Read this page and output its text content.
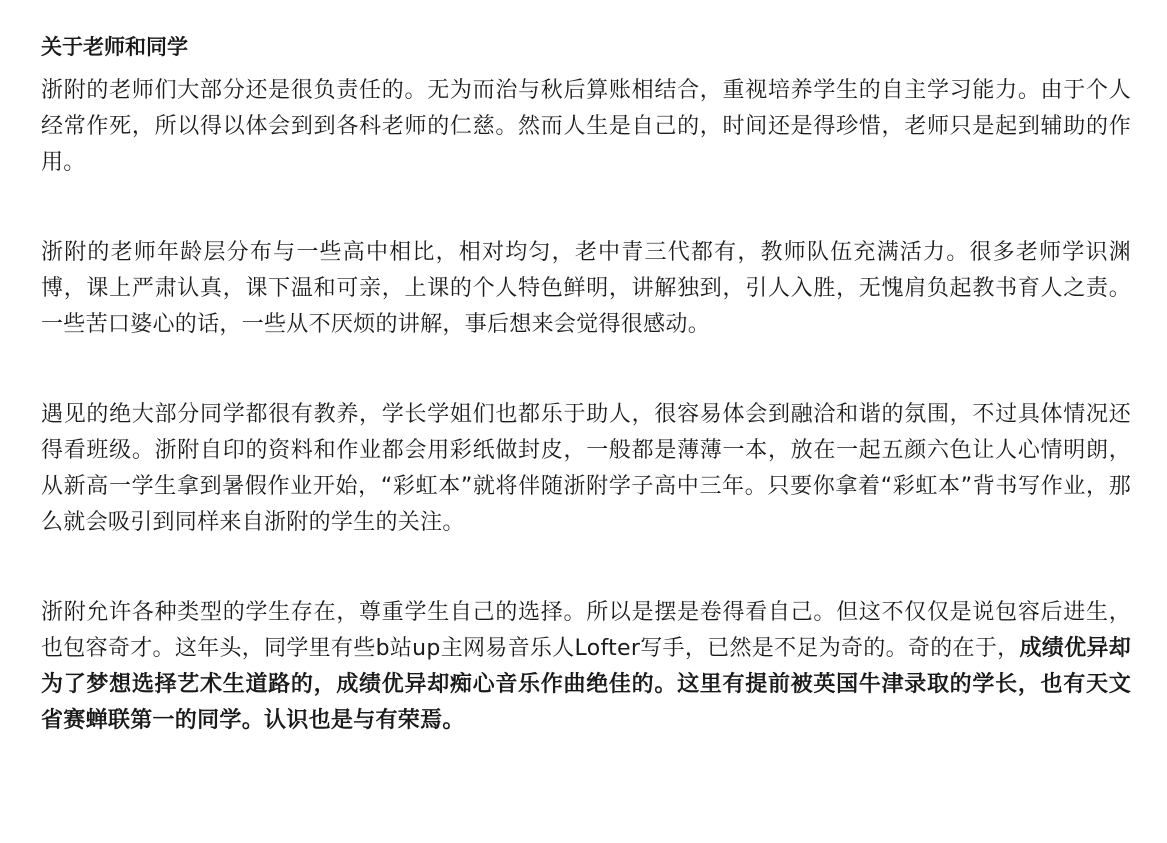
关于老师和同学

浙附的老师们大部分还是很负责任的。无为而治与秋后算账相结合，重视培养学生的自主学习能力。由于个人经常作死，所以得以体会到到各科老师的仁慈。然而人生是自己的，时间还是得珍惜，老师只是起到辅助的作用。

浙附的老师年龄层分布与一些高中相比，相对均匀，老中青三代都有，教师队伍充满活力。很多老师学识渊博，课上严肃认真，课下温和可亲，上课的个人特色鲜明，讲解独到，引人入胜，无愧肩负起教书育人之责。一些苦口婆心的话，一些从不厌烦的讲解，事后想来会觉得很感动。

遇见的绝大部分同学都很有教养，学长学姐们也都乐于助人，很容易体会到融洽和谐的氛围，不过具体情况还得看班级。浙附自印的资料和作业都会用彩纸做封皮，一般都是薄薄一本，放在一起五颜六色让人心情明朗，从新高一学生拿到暑假作业开始，“彩虹本”就将伴随浙附学子高中三年。只要你拿着“彩虹本”背书写作业，那么就会吸引到同样来自浙附的学生的关注。

浙附允许各种类型的学生存在，尊重学生自己的选择。所以是摆是卷得看自己。但这不仅仅是说包容后进生，也包容奇才。这年头，同学里有些b站up主网易音乐人Lofter写手，已然是不足为奇的。奇的在于，成绩优异却为了梦想选择艺术生道路的，成绩优异却痴心音乐作曲绝佳的。这里有提前被英国牛津录取的学长，也有天文省赛蝉联第一的同学。认识也是与有荣焉。
